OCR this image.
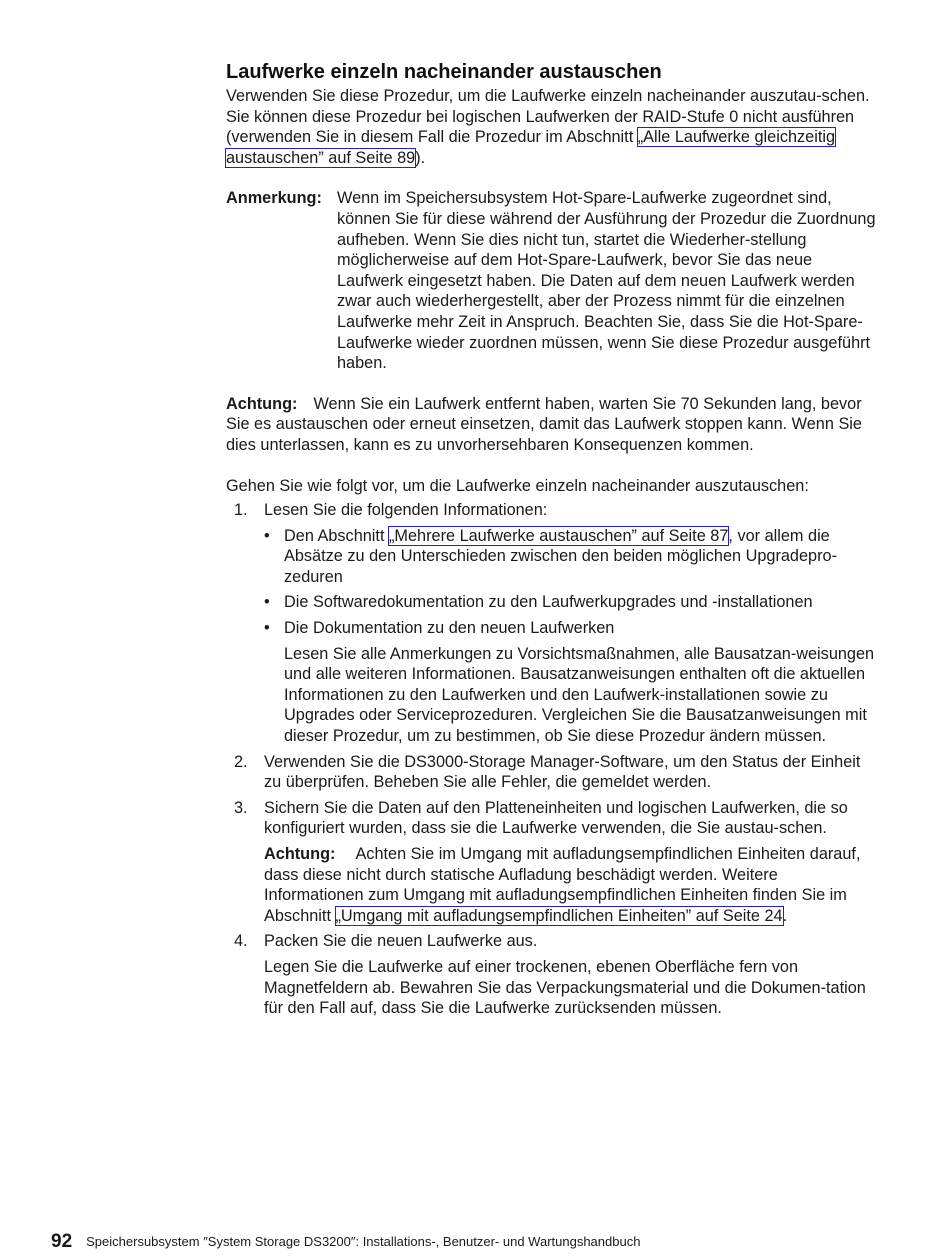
Laufwerke einzeln nacheinander austauschen

Verwenden Sie diese Prozedur, um die Laufwerke einzeln nacheinander auszutau-schen. Sie können diese Prozedur bei logischen Laufwerken der RAID-Stufe 0 nicht ausführen (verwenden Sie in diesem Fall die Prozedur im Abschnitt „Alle Laufwerke gleichzeitig austauschen” auf Seite 89).

Anmerkung: Wenn im Speichersubsystem Hot-Spare-Laufwerke zugeordnet sind, können Sie für diese während der Ausführung der Prozedur die Zuordnung aufheben. Wenn Sie dies nicht tun, startet die Wiederher-stellung möglicherweise auf dem Hot-Spare-Laufwerk, bevor Sie das neue Laufwerk eingesetzt haben. Die Daten auf dem neuen Laufwerk werden zwar auch wiederhergestellt, aber der Prozess nimmt für die einzelnen Laufwerke mehr Zeit in Anspruch. Beachten Sie, dass Sie die Hot-Spare-Laufwerke wieder zuordnen müssen, wenn Sie diese Prozedur ausgeführt haben.

Achtung: Wenn Sie ein Laufwerk entfernt haben, warten Sie 70 Sekunden lang, bevor Sie es austauschen oder erneut einsetzen, damit das Laufwerk stoppen kann. Wenn Sie dies unterlassen, kann es zu unvorhersehbaren Konsequenzen kommen.

Gehen Sie wie folgt vor, um die Laufwerke einzeln nacheinander auszutauschen:

1. Lesen Sie die folgenden Informationen:
• Den Abschnitt „Mehrere Laufwerke austauschen” auf Seite 87, vor allem die Absätze zu den Unterschieden zwischen den beiden möglichen Upgradepro-zeduren
• Die Softwaredokumentation zu den Laufwerkupgrades und -installationen
• Die Dokumentation zu den neuen Laufwerken

Lesen Sie alle Anmerkungen zu Vorsichtsmaßnahmen, alle Bausatzan-weisungen und alle weiteren Informationen. Bausatzanweisungen enthalten oft die aktuellen Informationen zu den Laufwerken und den Laufwerk-installationen sowie zu Upgrades oder Serviceprozeduren. Vergleichen Sie die Bausatzanweisungen mit dieser Prozedur, um zu bestimmen, ob Sie diese Prozedur ändern müssen.

2. Verwenden Sie die DS3000-Storage Manager-Software, um den Status der Einheit zu überprüfen. Beheben Sie alle Fehler, die gemeldet werden.
3. Sichern Sie die Daten auf den Platteneinheiten und logischen Laufwerken, die so konfiguriert wurden, dass sie die Laufwerke verwenden, die Sie austau-schen.

Achtung: Achten Sie im Umgang mit aufladungsempfindlichen Einheiten darauf, dass diese nicht durch statische Aufladung beschädigt werden. Weitere Informationen zum Umgang mit aufladungsempfindlichen Einheiten finden Sie im Abschnitt „Umgang mit aufladungsempfindlichen Einheiten” auf Seite 24.

4. Packen Sie die neuen Laufwerke aus.

Legen Sie die Laufwerke auf einer trockenen, ebenen Oberfläche fern von Magnetfeldern ab. Bewahren Sie das Verpackungsmaterial und die Dokumen-tation für den Fall auf, dass Sie die Laufwerke zurücksenden müssen.

92 Speichersubsystem ″System Storage DS3200″: Installations-, Benutzer- und Wartungshandbuch
